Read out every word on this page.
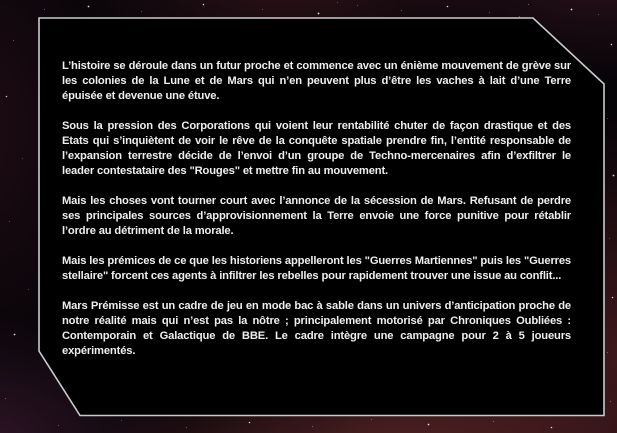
L’histoire se déroule dans un futur proche et commence avec un énième mouvement de grève sur les colonies de la Lune et de Mars qui n’en peuvent plus d’être les vaches à lait d’une Terre épuisée et devenue une étuve.

Sous la pression des Corporations qui voient leur rentabilité chuter de façon drastique et des Etats qui s’inquiètent de voir le rêve de la conquête spatiale prendre fin, l’entité responsable de l’expansion terrestre décide de l’envoi d’un groupe de Techno-mercenaires afin d’exfiltrer le leader contestataire des "Rouges" et mettre fin au mouvement.

Mais les choses vont tourner court avec l’annonce de la sécession de Mars. Refusant de perdre ses principales sources d’approvisionnement la Terre envoie une force punitive pour rétablir l’ordre au détriment de la morale.

Mais les prémices de ce que les historiens appelleront les "Guerres Martiennes" puis les "Guerres stellaire" forcent ces agents à infiltrer les rebelles pour rapidement trouver une issue au conflit...

Mars Prémisse est un cadre de jeu en mode bac à sable dans un univers d’anticipation proche de notre réalité mais qui n’est pas la nôtre ; principalement motorisé par Chroniques Oubliées : Contemporain et Galactique de BBE. Le cadre intègre une campagne pour 2 à 5 joueurs expérimentés.
